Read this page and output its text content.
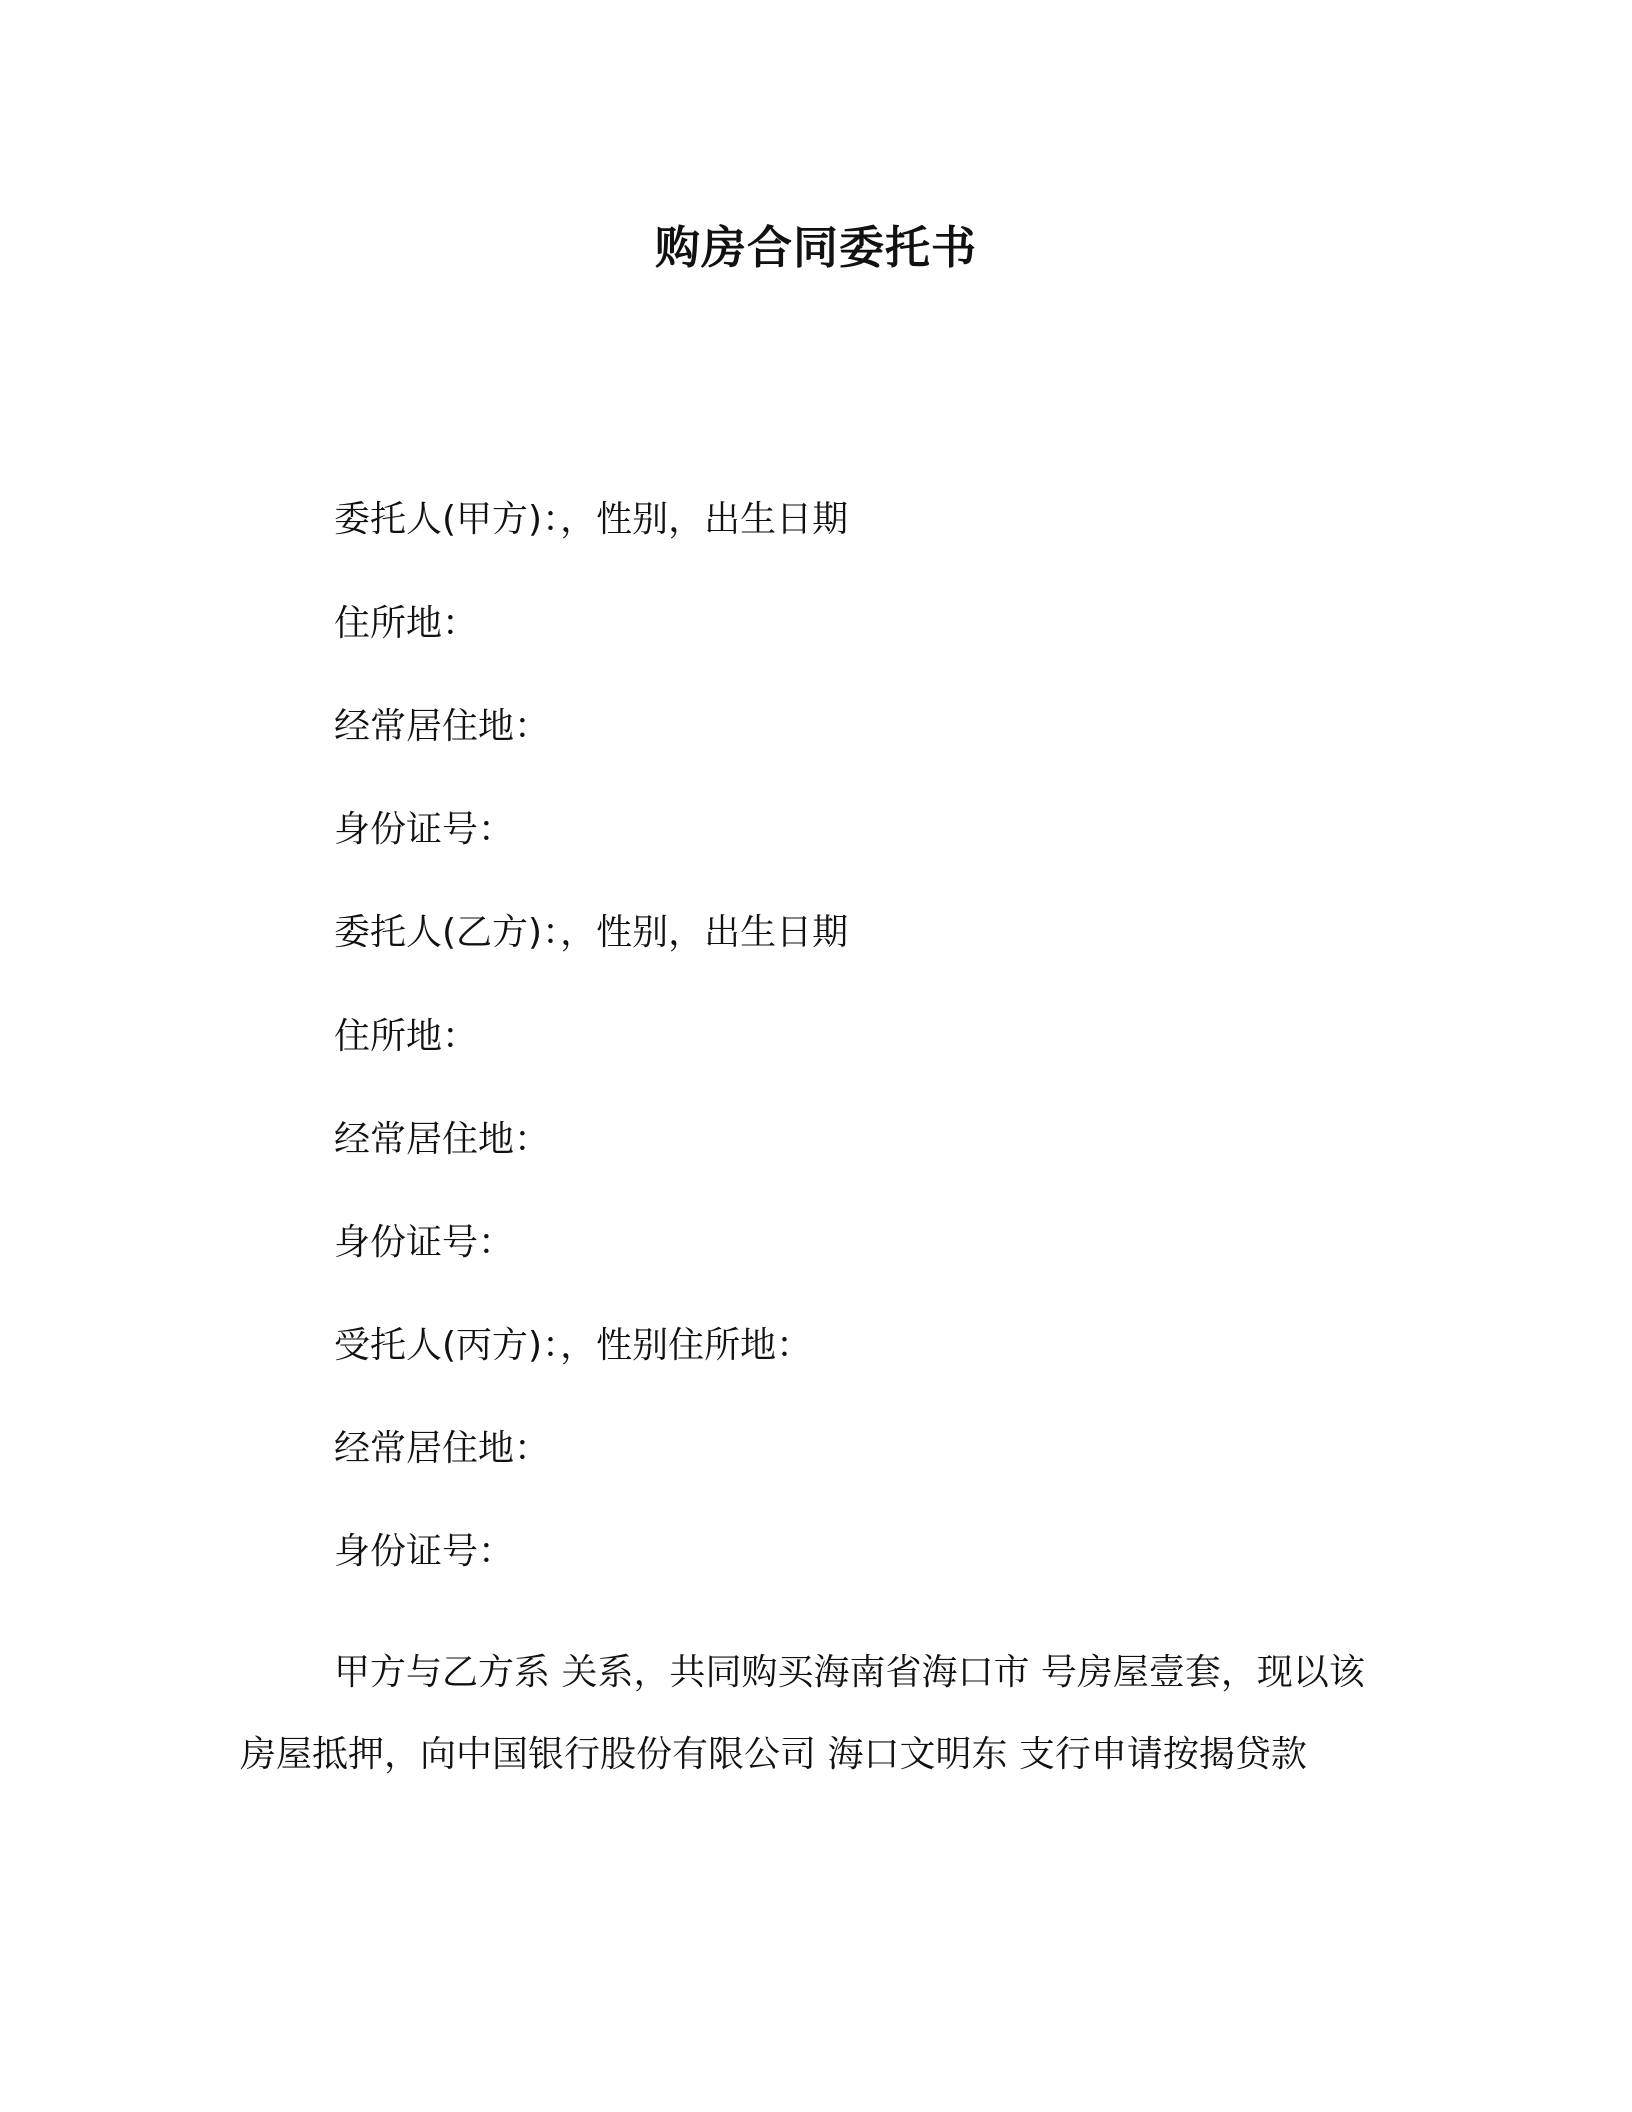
购房合同委托书
委托人(甲方)：，性别，出生日期
住所地：
经常居住地：
身份证号：
委托人(乙方)：，性别，出生日期
住所地：
经常居住地：
身份证号：
受托人(丙方)：，性别住所地：
经常居住地：
身份证号：
甲方与乙方系 关系，共同购买海南省海口市 号房屋壹套，现以该房屋抵押，向中国银行股份有限公司 海口文明东 支行申请按揭贷款
